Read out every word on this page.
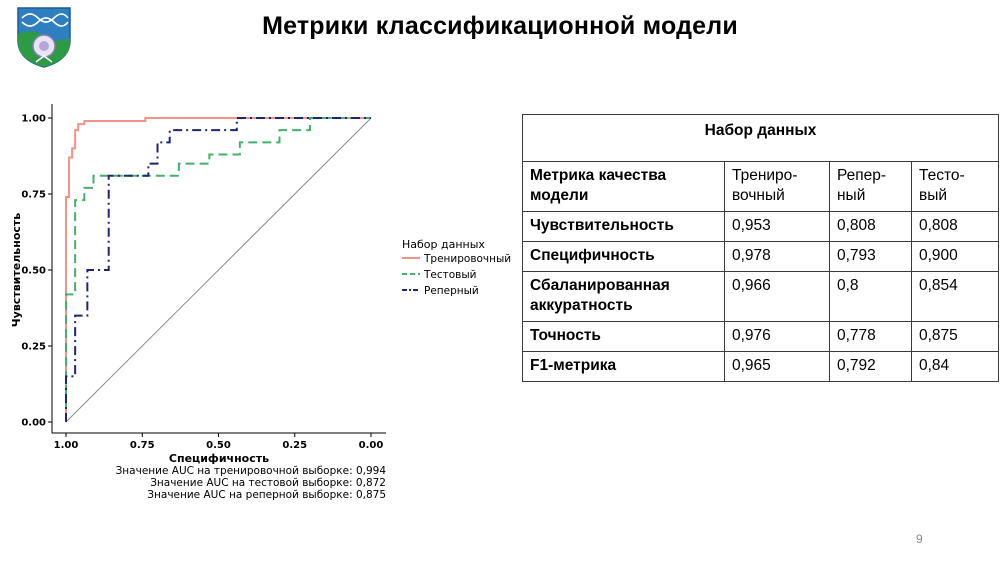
Метрики классификационной модели
1.00	0.75	0.50	0.25	0.00
0.00
0.25
0.50
0.75
1.00
Чувствительность
Специфичность
Набор данных
Тренировочный
Тестовый
Реперный
Значение AUC на тренировочной выборке: 0,994
Значение AUC на тестовой выборке: 0,872
Значение AUC на реперной выборке: 0,875
Набор данных			
Метрика качества модели	Трениро-вочный	Репер-ный	Тесто-вый
Чувствительность	0,953	0,808	0,808
Специфичность	0,978	0,793	0,900
Сбаланированная аккуратность	0,966	0,8	0,854
Точность	0,976	0,778	0,875
F1-метрика	0,965	0,792	0,84
9
